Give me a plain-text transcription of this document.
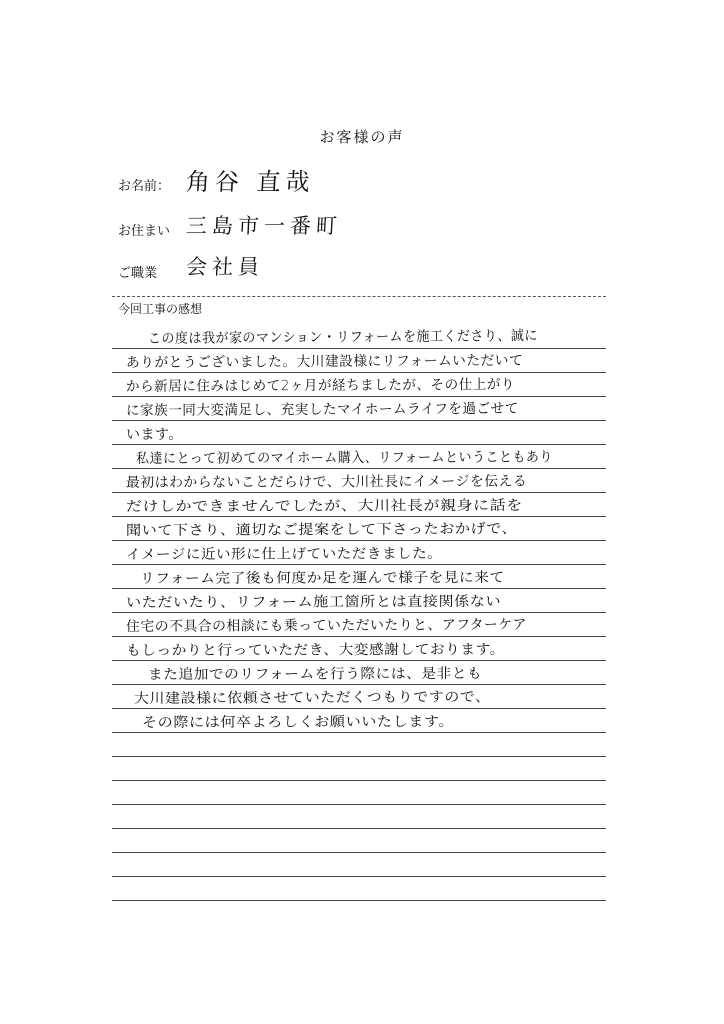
お客様の声
お名前： 角谷 直哉
お住まい 三島市一番町
ご職業 会社員
今回工事の感想
この度は我が家のマンション・リフォームを施工くださり、誠に
ありがとうございました。大川建設様にリフォームいただいて
から新居に住みはじめて2ヶ月が経ちましたが、その仕上がり
に家族一同大変満足し、充実したマイホームライフを過ごせて
います。
私達にとって初めてのマイホーム購入、リフォームということもあり
最初はわからないことだらけで、大川社長にイメージを伝える
だけしかできませんでしたが、大川社長が親身に話を
聞いて下さり、適切なご提案をして下さったおかげで、
イメージに近い形に仕上げていただきました。
リフォーム完了後も何度か足を運んで様子を見に来て
いただいたり、リフォーム施工箇所とは直接関係ない
住宅の不具合の相談にも乗っていただいたりと、アフターケア
もしっかりと行っていただき、大変感謝しております。
また追加でのリフォームを行う際には、是非とも
大川建設様に依頼させていただくつもりですので、
その際には何卒よろしくお願いいたします。
